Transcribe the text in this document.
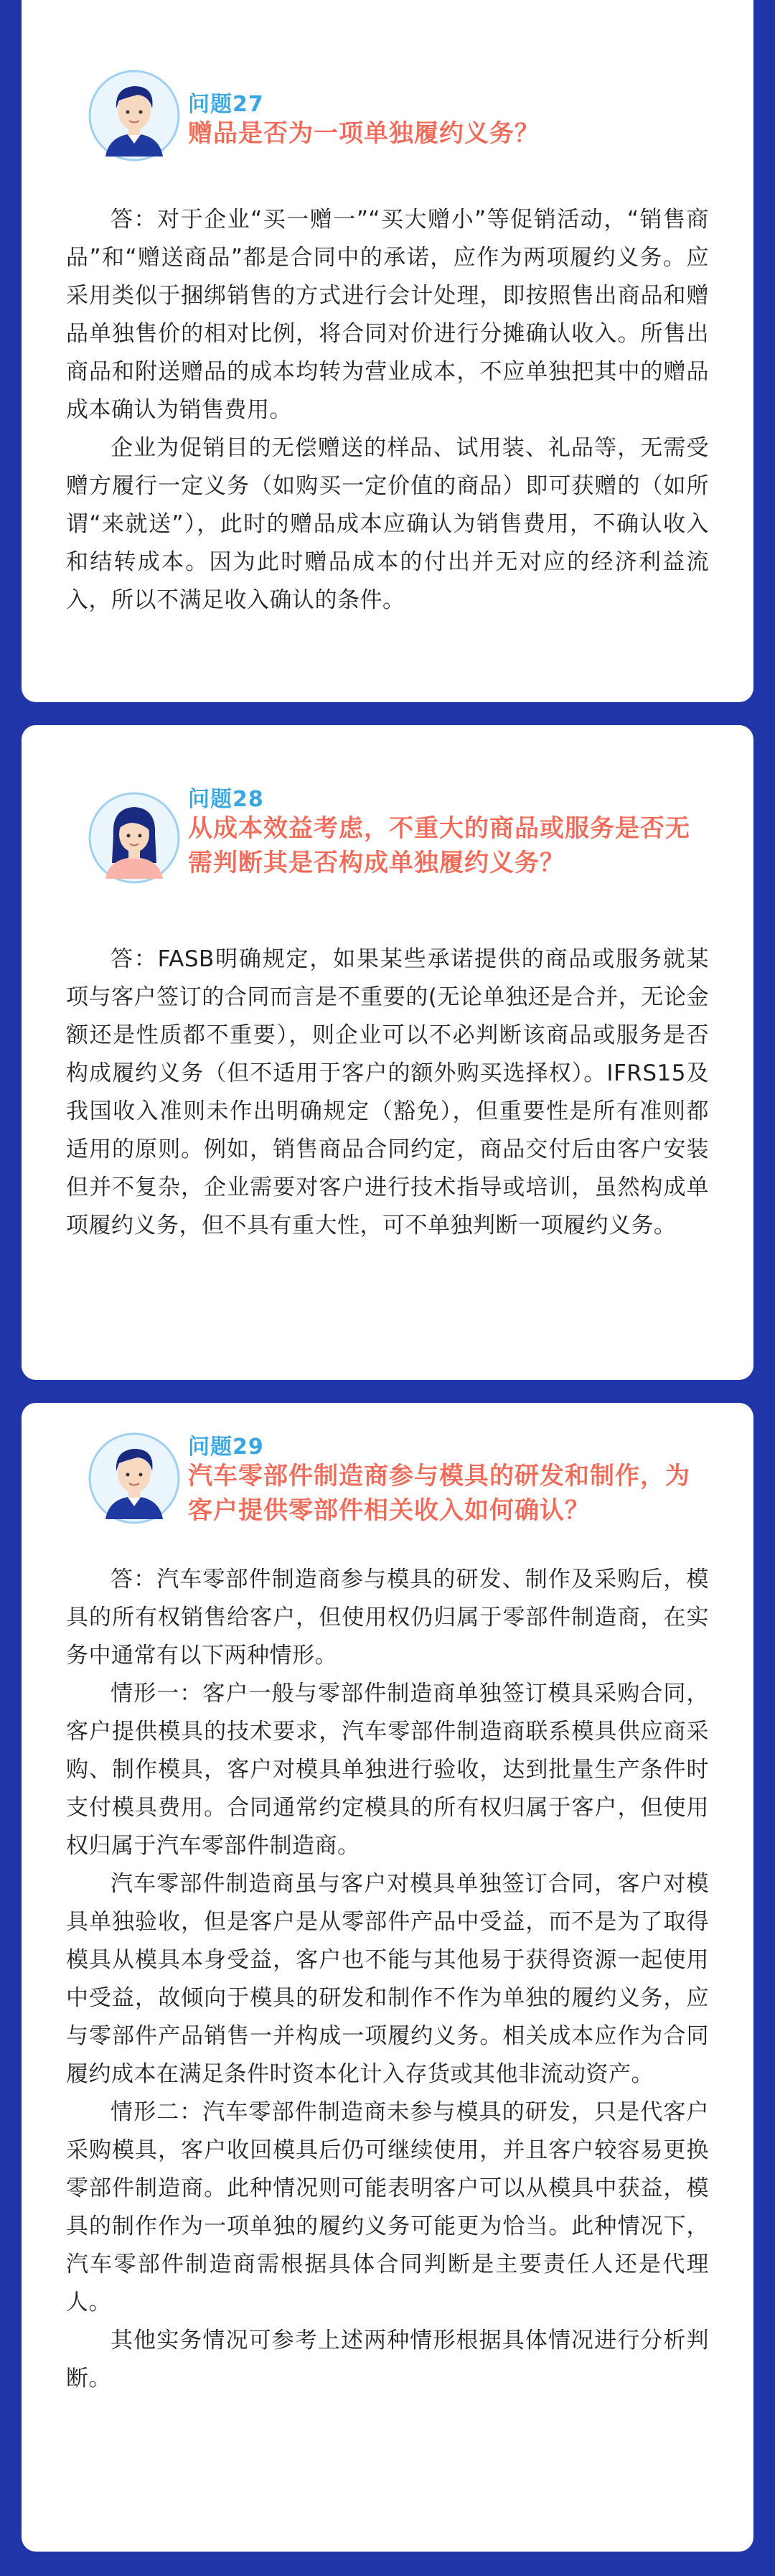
问题27
赠品是否为一项单独履约义务？

答：对于企业“买一赠一”“买大赠小”等促销活动，“销售商品”和“赠送商品”都是合同中的承诺，应作为两项履约义务。应采用类似于捆绑销售的方式进行会计处理，即按照售出商品和赠品单独售价的相对比例，将合同对价进行分摊确认收入。所售出商品和附送赠品的成本均转为营业成本，不应单独把其中的赠品成本确认为销售费用。

企业为促销目的无偿赠送的样品、试用装、礼品等，无需受赠方履行一定义务（如购买一定价值的商品）即可获赠的（如所谓“来就送”），此时的赠品成本应确认为销售费用，不确认收入和结转成本。因为此时赠品成本的付出并无对应的经济利益流入，所以不满足收入确认的条件。

问题28
从成本效益考虑，不重大的商品或服务是否无需判断其是否构成单独履约义务？

答：FASB明确规定，如果某些承诺提供的商品或服务就某项与客户签订的合同而言是不重要的(无论单独还是合并，无论金额还是性质都不重要），则企业可以不必判断该商品或服务是否构成履约义务（但不适用于客户的额外购买选择权）。IFRS15及我国收入准则未作出明确规定（豁免），但重要性是所有准则都适用的原则。例如，销售商品合同约定，商品交付后由客户安装但并不复杂，企业需要对客户进行技术指导或培训，虽然构成单项履约义务，但不具有重大性，可不单独判断一项履约义务。

问题29
汽车零部件制造商参与模具的研发和制作，为客户提供零部件相关收入如何确认？

答：汽车零部件制造商参与模具的研发、制作及采购后，模具的所有权销售给客户，但使用权仍归属于零部件制造商，在实务中通常有以下两种情形。

情形一：客户一般与零部件制造商单独签订模具采购合同，客户提供模具的技术要求，汽车零部件制造商联系模具供应商采购、制作模具，客户对模具单独进行验收，达到批量生产条件时支付模具费用。合同通常约定模具的所有权归属于客户，但使用权归属于汽车零部件制造商。

汽车零部件制造商虽与客户对模具单独签订合同，客户对模具单独验收，但是客户是从零部件产品中受益，而不是为了取得模具从模具本身受益，客户也不能与其他易于获得资源一起使用中受益，故倾向于模具的研发和制作不作为单独的履约义务，应与零部件产品销售一并构成一项履约义务。相关成本应作为合同履约成本在满足条件时资本化计入存货或其他非流动资产。

情形二：汽车零部件制造商未参与模具的研发，只是代客户采购模具，客户收回模具后仍可继续使用，并且客户较容易更换零部件制造商。此种情况则可能表明客户可以从模具中获益，模具的制作作为一项单独的履约义务可能更为恰当。此种情况下，汽车零部件制造商需根据具体合同判断是主要责任人还是代理人。

其他实务情况可参考上述两种情形根据具体情况进行分析判断。
